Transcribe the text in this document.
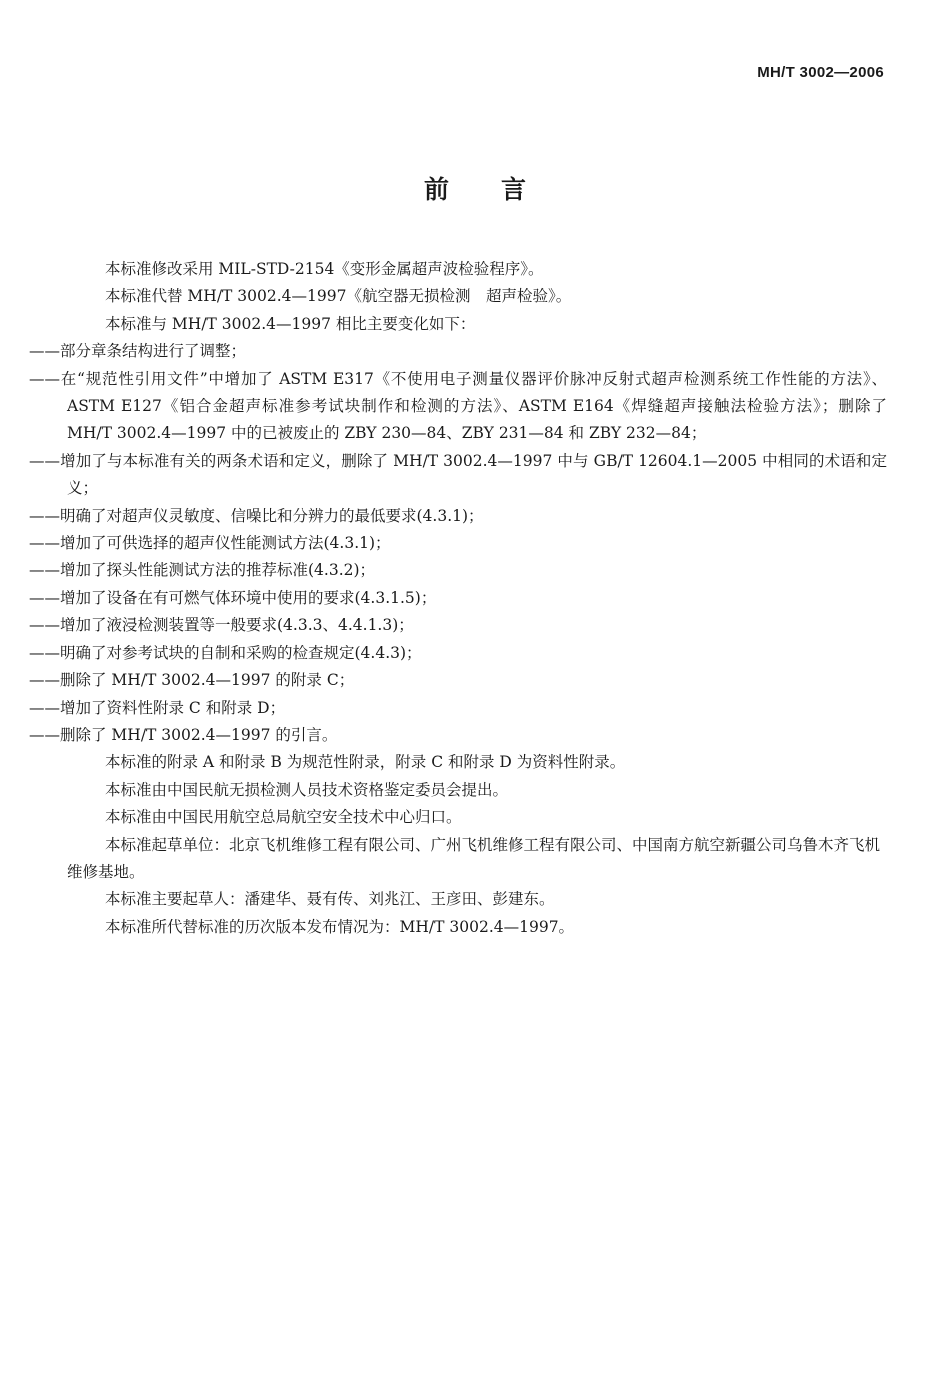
MH/T 3002—2006
前言

本标准修改采用 MIL-STD-2154《变形金属超声波检验程序》。

本标准代替 MH/T 3002.4—1997《航空器无损检测　超声检验》。

本标准与 MH/T 3002.4—1997 相比主要变化如下：

——部分章条结构进行了调整；

——在“规范性引用文件”中增加了 ASTM E317《不使用电子测量仪器评价脉冲反射式超声检测系统工作性能的方法》、ASTM E127《铝合金超声标准参考试块制作和检测的方法》、ASTM E164《焊缝超声接触法检验方法》；删除了 MH/T 3002.4—1997 中的已被废止的 ZBY 230—84、ZBY 231—84 和 ZBY 232—84；

——增加了与本标准有关的两条术语和定义，删除了 MH/T 3002.4—1997 中与 GB/T 12604.1—2005 中相同的术语和定义；

——明确了对超声仪灵敏度、信噪比和分辨力的最低要求(4.3.1)；

——增加了可供选择的超声仪性能测试方法(4.3.1)；

——增加了探头性能测试方法的推荐标准(4.3.2)；

——增加了设备在有可燃气体环境中使用的要求(4.3.1.5)；

——增加了液浸检测装置等一般要求(4.3.3、4.4.1.3)；

——明确了对参考试块的自制和采购的检查规定(4.4.3)；

——删除了 MH/T 3002.4—1997 的附录 C；

——增加了资料性附录 C 和附录 D；

——删除了 MH/T 3002.4—1997 的引言。

本标准的附录 A 和附录 B 为规范性附录，附录 C 和附录 D 为资料性附录。

本标准由中国民航无损检测人员技术资格鉴定委员会提出。

本标准由中国民用航空总局航空安全技术中心归口。

本标准起草单位：北京飞机维修工程有限公司、广州飞机维修工程有限公司、中国南方航空新疆公司乌鲁木齐飞机维修基地。

本标准主要起草人：潘建华、聂有传、刘兆江、王彦田、彭建东。

本标准所代替标准的历次版本发布情况为：MH/T 3002.4—1997。
